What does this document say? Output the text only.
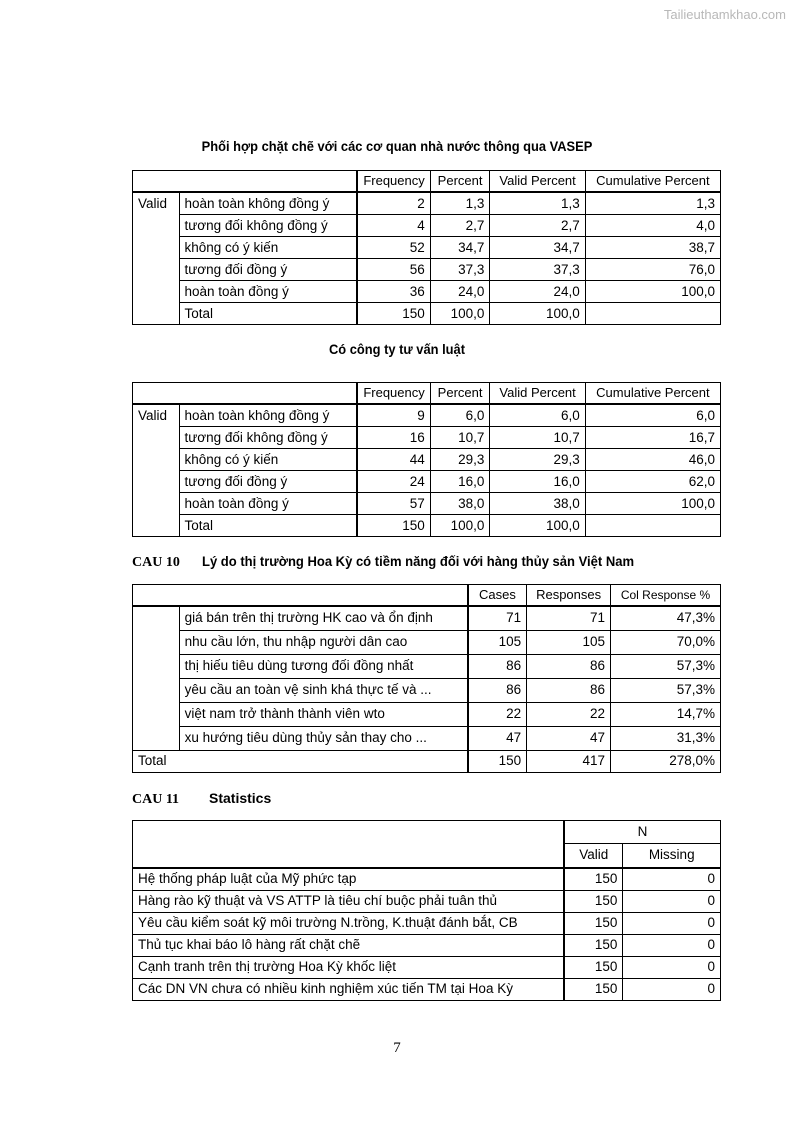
Tailieuthamkhao.com
Phối hợp chặt chẽ với các cơ quan nhà nước thông qua VASEP
		Frequency	Percent	Valid Percent	Cumulative Percent
Valid	hoàn toàn không đồng ý	2	1,3	1,3	1,3
	tương đối không đồng ý	4	2,7	2,7	4,0
	không có ý kiến	52	34,7	34,7	38,7
	tương đối đồng ý	56	37,3	37,3	76,0
	hoàn toàn đồng ý	36	24,0	24,0	100,0
	Total	150	100,0	100,0	
Có công ty tư vấn luật
		Frequency	Percent	Valid Percent	Cumulative Percent
Valid	hoàn toàn không đồng ý	9	6,0	6,0	6,0
	tương đối không đồng ý	16	10,7	10,7	16,7
	không có ý kiến	44	29,3	29,3	46,0
	tương đối đồng ý	24	16,0	16,0	62,0
	hoàn toàn đồng ý	57	38,0	38,0	100,0
	Total	150	100,0	100,0	
CAU 10 Lý do thị trường Hoa Kỳ có tiềm năng đối với hàng thủy sản Việt Nam
		Cases	Responses	Col Response %
	giá bán trên thị trường HK cao và ổn định	71	71	47,3%
	nhu cầu lớn, thu nhập người dân cao	105	105	70,0%
	thị hiếu tiêu dùng tương đối đồng nhất	86	86	57,3%
	yêu cầu an toàn vệ sinh khá thực tế và ...	86	86	57,3%
	việt nam trở thành thành viên wto	22	22	14,7%
	xu hướng tiêu dùng thủy sản thay cho ...	47	47	31,3%
Total		150	417	278,0%
CAU 11 Statistics
	N	
	Valid	Missing
Hệ thống pháp luật của Mỹ phức tạp	150	0
Hàng rào kỹ thuật và VS ATTP là tiêu chí buộc phải tuân thủ	150	0
Yêu cầu kiểm soát kỹ môi trường N.trồng, K.thuật đánh bắt, CB	150	0
Thủ tục khai báo lô hàng rất chặt chẽ	150	0
Cạnh tranh trên thị trường Hoa Kỳ khốc liệt	150	0
Các DN VN chưa có nhiều kinh nghiệm xúc tiến TM tại Hoa Kỳ	150	0
7
